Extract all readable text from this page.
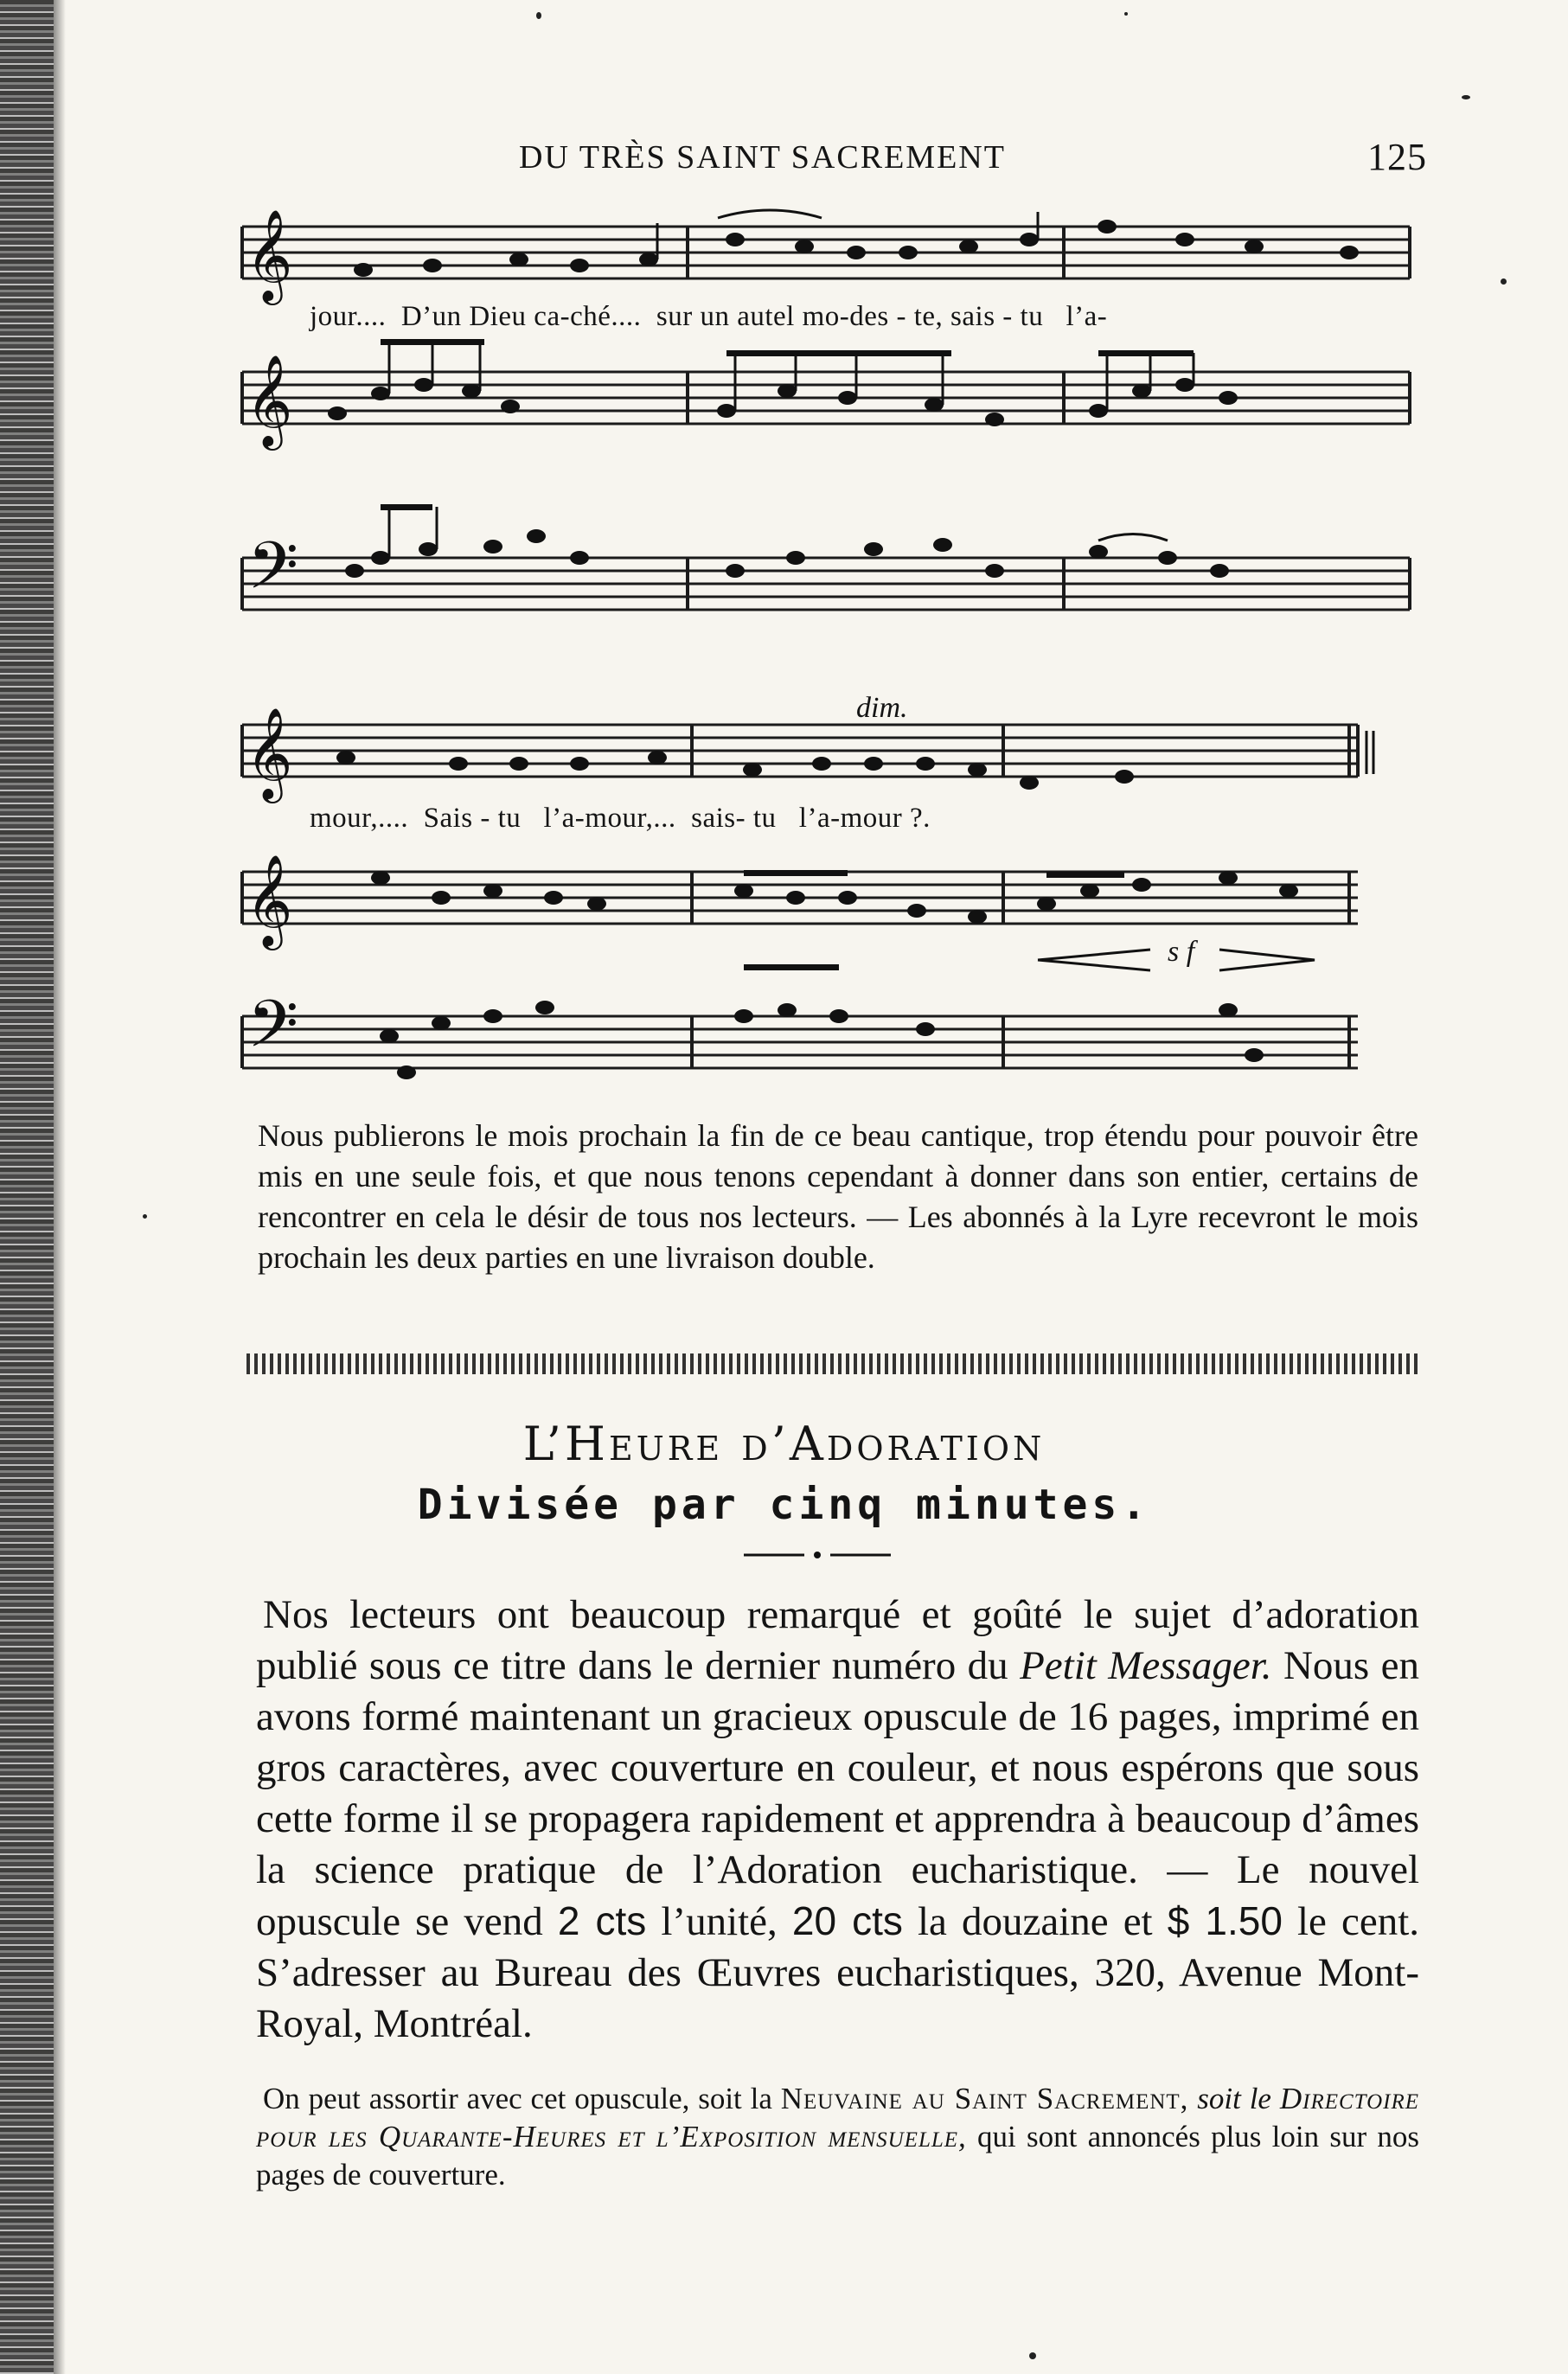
DU TRÈS SAINT SACREMENT	125
𝄞
𝄞
𝄢
jour....  D’un Dieu ca-ché....  sur un autel mo-des - te, sais - tu   l’a-
dim.
𝄞
𝄞
𝄢
mour,....  Sais - tu   l’a-mour,...  sais- tu   l’a-mour ?.
s f

Nous publierons le mois prochain la fin de ce beau cantique, trop étendu pour pouvoir être mis en une seule fois, et que nous tenons cependant à donner dans son entier, certains de rencontrer en cela le désir de tous nos lecteurs. — Les abonnés à la Lyre recevront le mois prochain les deux parties en une livraison double.

L’Heure d’Adoration
Divisée par cinq minutes.

Nos lecteurs ont beaucoup remarqué et goûté le sujet d’adoration publié sous ce titre dans le dernier numéro du Petit Messager. Nous en avons formé maintenant un gracieux opuscule de 16 pages, imprimé en gros caractères, avec couverture en couleur, et nous espérons que sous cette forme il se propagera rapidement et apprendra à beaucoup d’âmes la science pratique de l’Adoration eucharistique. — Le nouvel opuscule se vend 2 cts l’unité, 20 cts la douzaine et $ 1.50 le cent. S’adresser au Bureau des Œuvres eucharistiques, 320, Avenue Mont-Royal, Montréal.

On peut assortir avec cet opuscule, soit la Neuvaine au Saint Sacrement, soit le Directoire pour les Quarante-Heures et l’Exposition mensuelle, qui sont annoncés plus loin sur nos pages de couverture.
